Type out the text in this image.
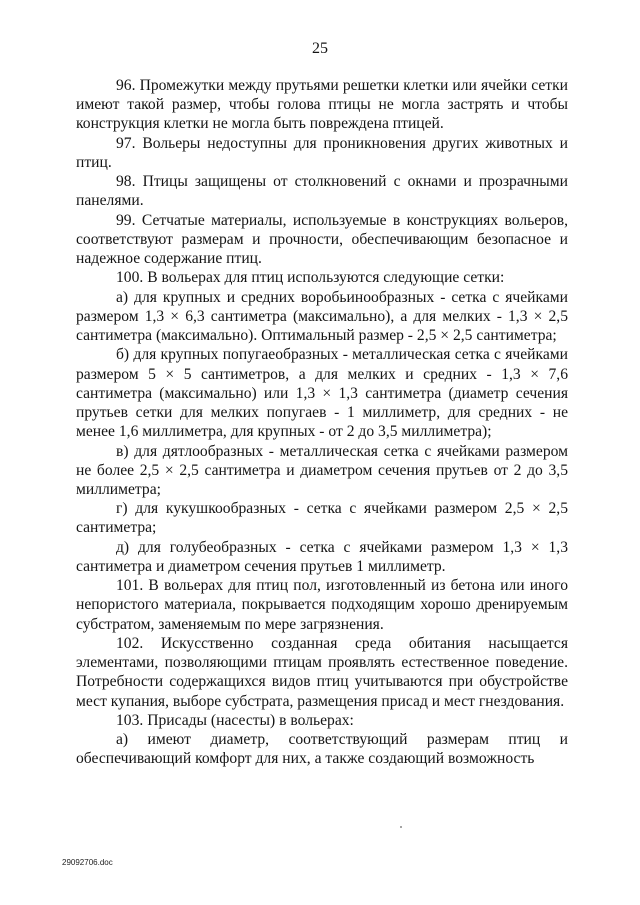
25

96. Промежутки между прутьями решетки клетки или ячейки сетки имеют такой размер, чтобы голова птицы не могла застрять и чтобы конструкция клетки не могла быть повреждена птицей.

97. Вольеры недоступны для проникновения других животных и птиц.

98. Птицы защищены от столкновений с окнами и прозрачными панелями.

99. Сетчатые материалы, используемые в конструкциях вольеров, соответствуют размерам и прочности, обеспечивающим безопасное и надежное содержание птиц.

100. В вольерах для птиц используются следующие сетки:

а) для крупных и средних воробьинообразных - сетка с ячейками размером 1,3 × 6,3 сантиметра (максимально), а для мелких - 1,3 × 2,5 сантиметра (максимально). Оптимальный размер - 2,5 × 2,5 сантиметра;

б) для крупных попугаеобразных - металлическая сетка с ячейками размером 5 × 5 сантиметров, а для мелких и средних - 1,3 × 7,6 сантиметра (максимально) или 1,3 × 1,3 сантиметра (диаметр сечения прутьев сетки для мелких попугаев - 1 миллиметр, для средних - не менее 1,6 миллиметра, для крупных - от 2 до 3,5 миллиметра);

в) для дятлообразных - металлическая сетка с ячейками размером не более 2,5 × 2,5 сантиметра и диаметром сечения прутьев от 2 до 3,5 миллиметра;

г) для кукушкообразных - сетка с ячейками размером 2,5 × 2,5 сантиметра;

д) для голубеобразных - сетка с ячейками размером 1,3 × 1,3 сантиметра и диаметром сечения прутьев 1 миллиметр.

101. В вольерах для птиц пол, изготовленный из бетона или иного непористого материала, покрывается подходящим хорошо дренируемым субстратом, заменяемым по мере загрязнения.

102. Искусственно созданная среда обитания насыщается элементами, позволяющими птицам проявлять естественное поведение. Потребности содержащихся видов птиц учитываются при обустройстве мест купания, выборе субстрата, размещения присад и мест гнездования.

103. Присады (насесты) в вольерах:

а) имеют диаметр, соответствующий размерам птиц и обеспечивающий комфорт для них, а также создающий возможность

29092706.doc
